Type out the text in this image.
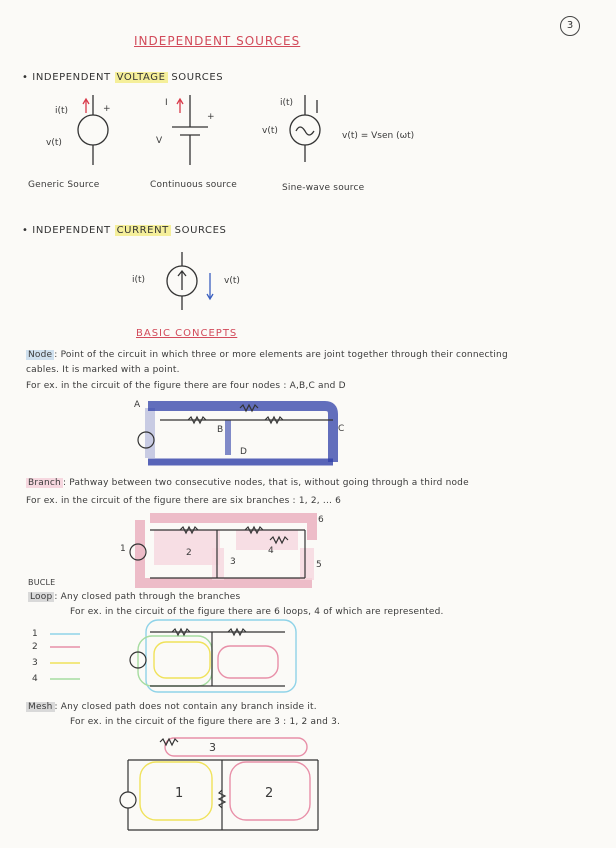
3
INDEPENDENT SOURCES
• INDEPENDENT VOLTAGE SOURCES
i(t)	+
v(t)
Generic Source
I
+
V
Continuous source
i(t)
v(t)	v(t) = Vsen (ωt)
Sine-wave source
• INDEPENDENT CURRENT SOURCES
i(t)	v(t)
BASIC CONCEPTS
Node : Point of the circuit in which three or more elements are joint together through their connecting
cables. It is marked with a point.
For ex. in the circuit of the figure there are four nodes : A,B,C and D
A
B	C
D
Branch : Pathway between two consecutive nodes, that is, without going through a third node
For ex. in the circuit of the figure there are six branches : 1, 2, ... 6
1	2
3
4
5
6
BUCLE
Loop : Any closed path through the branches
For ex. in the circuit of the figure there are 6 loops, 4 of which are represented.
1
2
3
4
Mesh : Any closed path does not contain any branch inside it.
For ex. in the circuit of the figure there are 3 : 1, 2 and 3.
1	2
3
